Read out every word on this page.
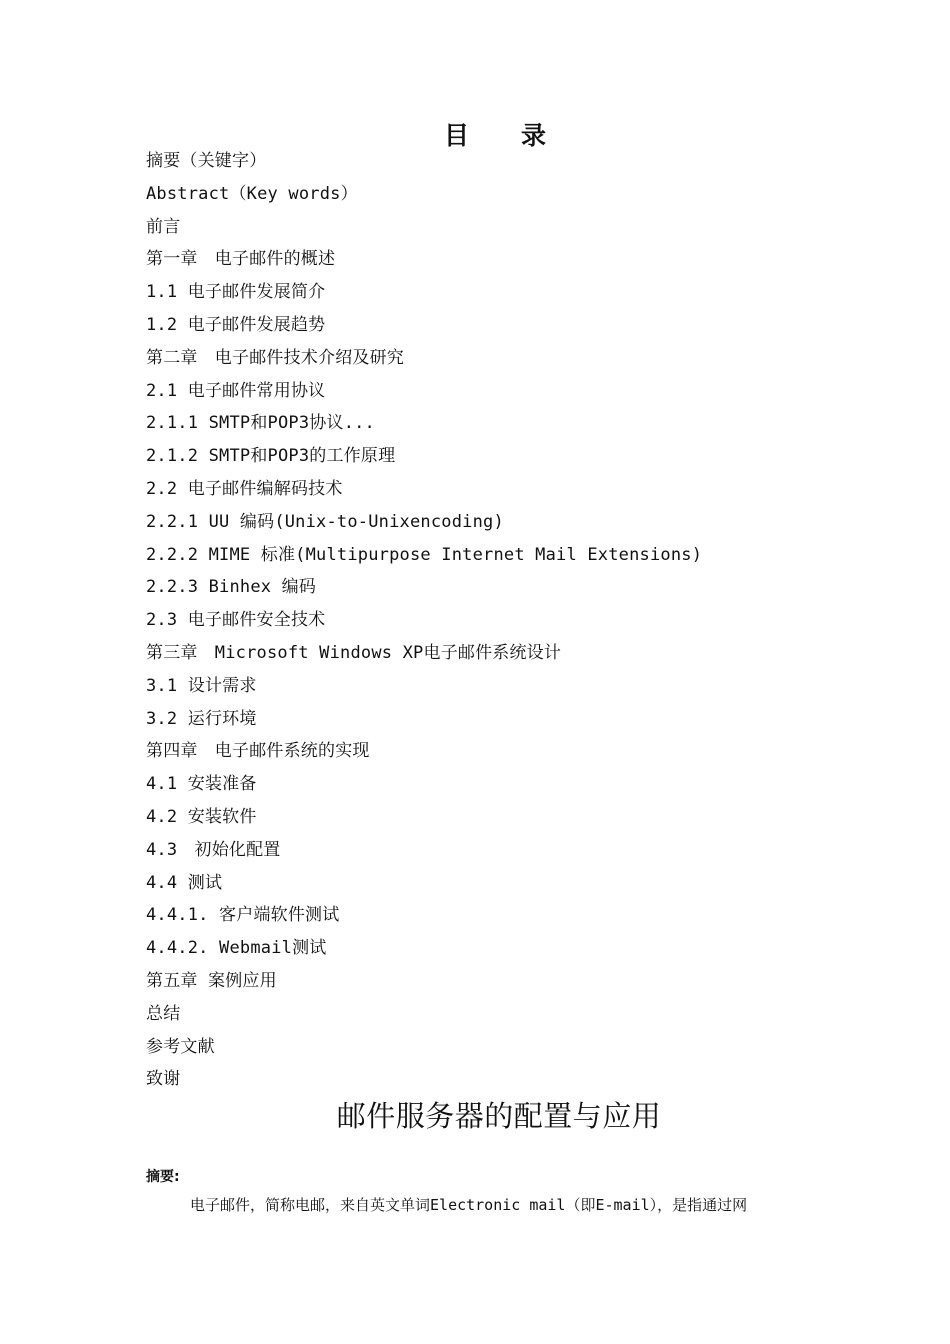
目 录
摘要（关键字）
Abstract（Key words）
前言
第一章　电子邮件的概述
1.1 电子邮件发展简介
1.2 电子邮件发展趋势
第二章　电子邮件技术介绍及研究
2.1 电子邮件常用协议
2.1.1 SMTP和POP3协议...
2.1.2 SMTP和POP3的工作原理
2.2 电子邮件编解码技术
2.2.1 UU 编码(Unix-to-Unixencoding)
2.2.2 MIME 标准(Multipurpose Internet Mail Extensions)
2.2.3 Binhex 编码
2.3 电子邮件安全技术
第三章　Microsoft Windows XP电子邮件系统设计
3.1 设计需求
3.2 运行环境
第四章　电子邮件系统的实现
4.1 安装准备
4.2 安装软件
4.3　初始化配置
4.4 测试
4.4.1. 客户端软件测试
4.4.2. Webmail测试
第五章 案例应用
总结
参考文献
致谢
邮件服务器的配置与应用
摘要:
电子邮件，简称电邮，来自英文单词Electronic mail（即E-mail），是指通过网
